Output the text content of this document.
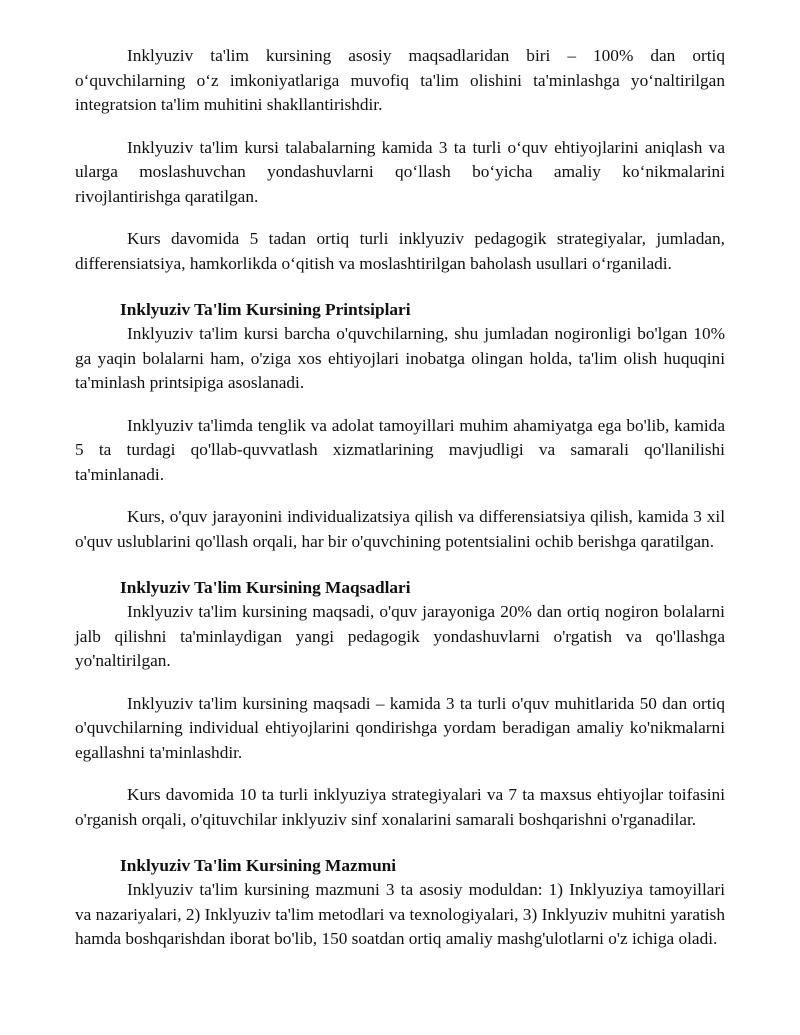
Inklyuziv ta'lim kursining asosiy maqsadlaridan biri – 100% dan ortiq o‘quvchilarning o‘z imkoniyatlariga muvofiq ta'lim olishini ta'minlashga yo‘naltirilgan integratsion ta'lim muhitini shakllantirishdir.

Inklyuziv ta'lim kursi talabalarning kamida 3 ta turli o‘quv ehtiyojlarini aniqlash va ularga moslashuvchan yondashuvlarni qo‘llash bo‘yicha amaliy ko‘nikmalarini rivojlantirishga qaratilgan.

Kurs davomida 5 tadan ortiq turli inklyuziv pedagogik strategiyalar, jumladan, differensiatsiya, hamkorlikda o‘qitish va moslashtirilgan baholash usullari o‘rganiladi.

Inklyuziv Ta'lim Kursining Printsiplari

Inklyuziv ta'lim kursi barcha o'quvchilarning, shu jumladan nogironligi bo'lgan 10% ga yaqin bolalarni ham, o'ziga xos ehtiyojlari inobatga olingan holda, ta'lim olish huquqini ta'minlash printsipiga asoslanadi.

Inklyuziv ta'limda tenglik va adolat tamoyillari muhim ahamiyatga ega bo'lib, kamida 5 ta turdagi qo'llab-quvvatlash xizmatlarining mavjudligi va samarali qo'llanilishi ta'minlanadi.

Kurs, o'quv jarayonini individualizatsiya qilish va differensiatsiya qilish, kamida 3 xil o'quv uslublarini qo'llash orqali, har bir o'quvchining potentsialini ochib berishga qaratilgan.

Inklyuziv Ta'lim Kursining Maqsadlari

Inklyuziv ta'lim kursining maqsadi, o'quv jarayoniga 20% dan ortiq nogiron bolalarni jalb qilishni ta'minlaydigan yangi pedagogik yondashuvlarni o'rgatish va qo'llashga yo'naltirilgan.

Inklyuziv ta'lim kursining maqsadi – kamida 3 ta turli o'quv muhitlarida 50 dan ortiq o'quvchilarning individual ehtiyojlarini qondirishga yordam beradigan amaliy ko'nikmalarni egallashni ta'minlashdir.

Kurs davomida 10 ta turli inklyuziya strategiyalari va 7 ta maxsus ehtiyojlar toifasini o'rganish orqali, o'qituvchilar inklyuziv sinf xonalarini samarali boshqarishni o'rganadilar.

Inklyuziv Ta'lim Kursining Mazmuni

Inklyuziv ta'lim kursining mazmuni 3 ta asosiy moduldan: 1) Inklyuziya tamoyillari va nazariyalari, 2) Inklyuziv ta'lim metodlari va texnologiyalari, 3) Inklyuziv muhitni yaratish hamda boshqarishdan iborat bo'lib, 150 soatdan ortiq amaliy mashg'ulotlarni o'z ichiga oladi.
